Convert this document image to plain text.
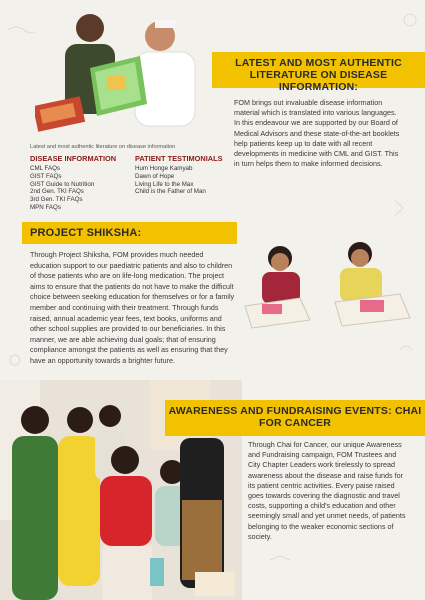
LATEST AND MOST AUTHENTIC LITERATURE ON DISEASE INFORMATION:
Latest and most authentic literature on disease information
DISEASE INFORMATION
CML FAQs
GIST FAQs
GIST Guide to Nutrition
2nd Gen. TKI FAQs
3rd Gen. TKI FAQs
MPN FAQs
PATIENT TESTIMONIALS
Hum Honge Kamyab
Dawn of Hope
Living Life to the Max
Child is the Father of Man
FOM brings out invaluable disease information material which is translated into various languages. In this endeavour we are supported by our Board of Medical Advisors and these state-of-the-art booklets help patients keep up to date with all recent developments in medicine with CML and GIST. This in turn helps them to make informed decisions.
PROJECT SHIKSHA:
Through Project Shiksha, FOM provides much needed education support to our paediatric patients and also to children of those patients who are on life-long medication. The project aims to ensure that the patients do not have to make the difficult choice between seeking education for themselves or for a family member and continuing with their treatment. Through funds raised, annual academic year fees, text books, uniforms and other school supplies are provided to our beneficiaries. In this manner, we are able achieving dual goals; that of ensuring compliance amongst the patients as well as ensuring that they have an opportunity towards a brighter future.
AWARENESS AND FUNDRAISING EVENTS: CHAI FOR CANCER
Through Chai for Cancer, our unique Awareness and Fundraising campaign, FOM Trustees and City Chapter Leaders work tirelessly to spread awareness about the disease and raise funds for its patient centric activities. Every paise raised goes towards covering the diagnostic and travel costs, supporting a child's education and other seemingly small and yet unmet needs, of patients belonging to the weaker economic sections of society.
